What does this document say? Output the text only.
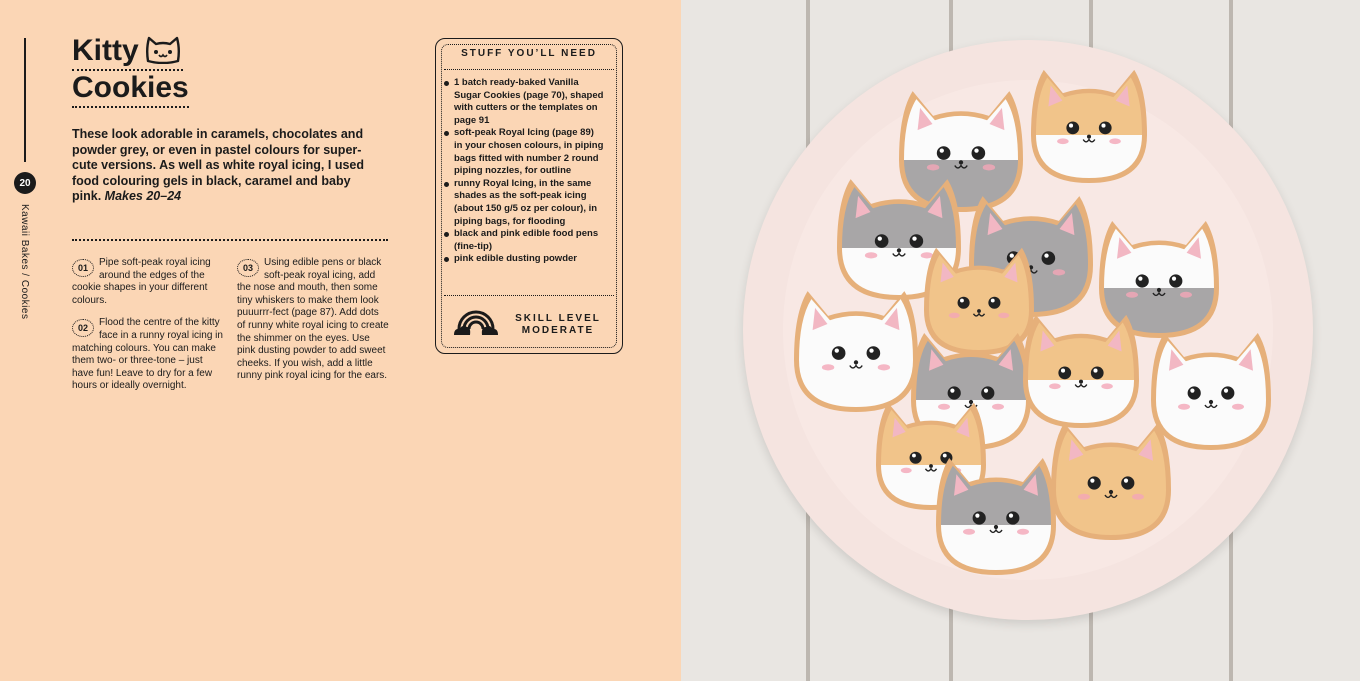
20
Kawaii Bakes / Cookies
Kitty
Cookies

These look adorable in caramels, chocolates and powder grey, or even in pastel colours for super-cute versions. As well as white royal icing, I used food colouring gels in black, caramel and baby pink. Makes 20–24

01	Pipe soft-peak royal icing around the edges of the cookie shapes in your different colours.
02	Flood the centre of the kitty face in a runny royal icing in matching colours. You can make them two- or three-tone – just have fun! Leave to dry for a few hours or ideally overnight.
03	Using edible pens or black soft-peak royal icing, add the nose and mouth, then some tiny whiskers to make them look puuurrr-fect (page 87). Add dots of runny white royal icing to create the shimmer on the eyes. Use pink dusting powder to add sweet cheeks. If you wish, add a little runny pink royal icing for the ears.
STUFF YOU’LL NEED
1 batch ready-baked Vanilla Sugar Cookies (page 70), shaped with cutters or the templates on page 91
soft-peak Royal Icing (page 89) in your chosen colours, in piping bags fitted with number 2 round piping nozzles, for outline
runny Royal Icing, in the same shades as the soft-peak icing (about 150 g/5 oz per colour), in piping bags, for flooding
black and pink edible food pens (fine-tip)
pink edible dusting powder
SKILL LEVEL
MODERATE
